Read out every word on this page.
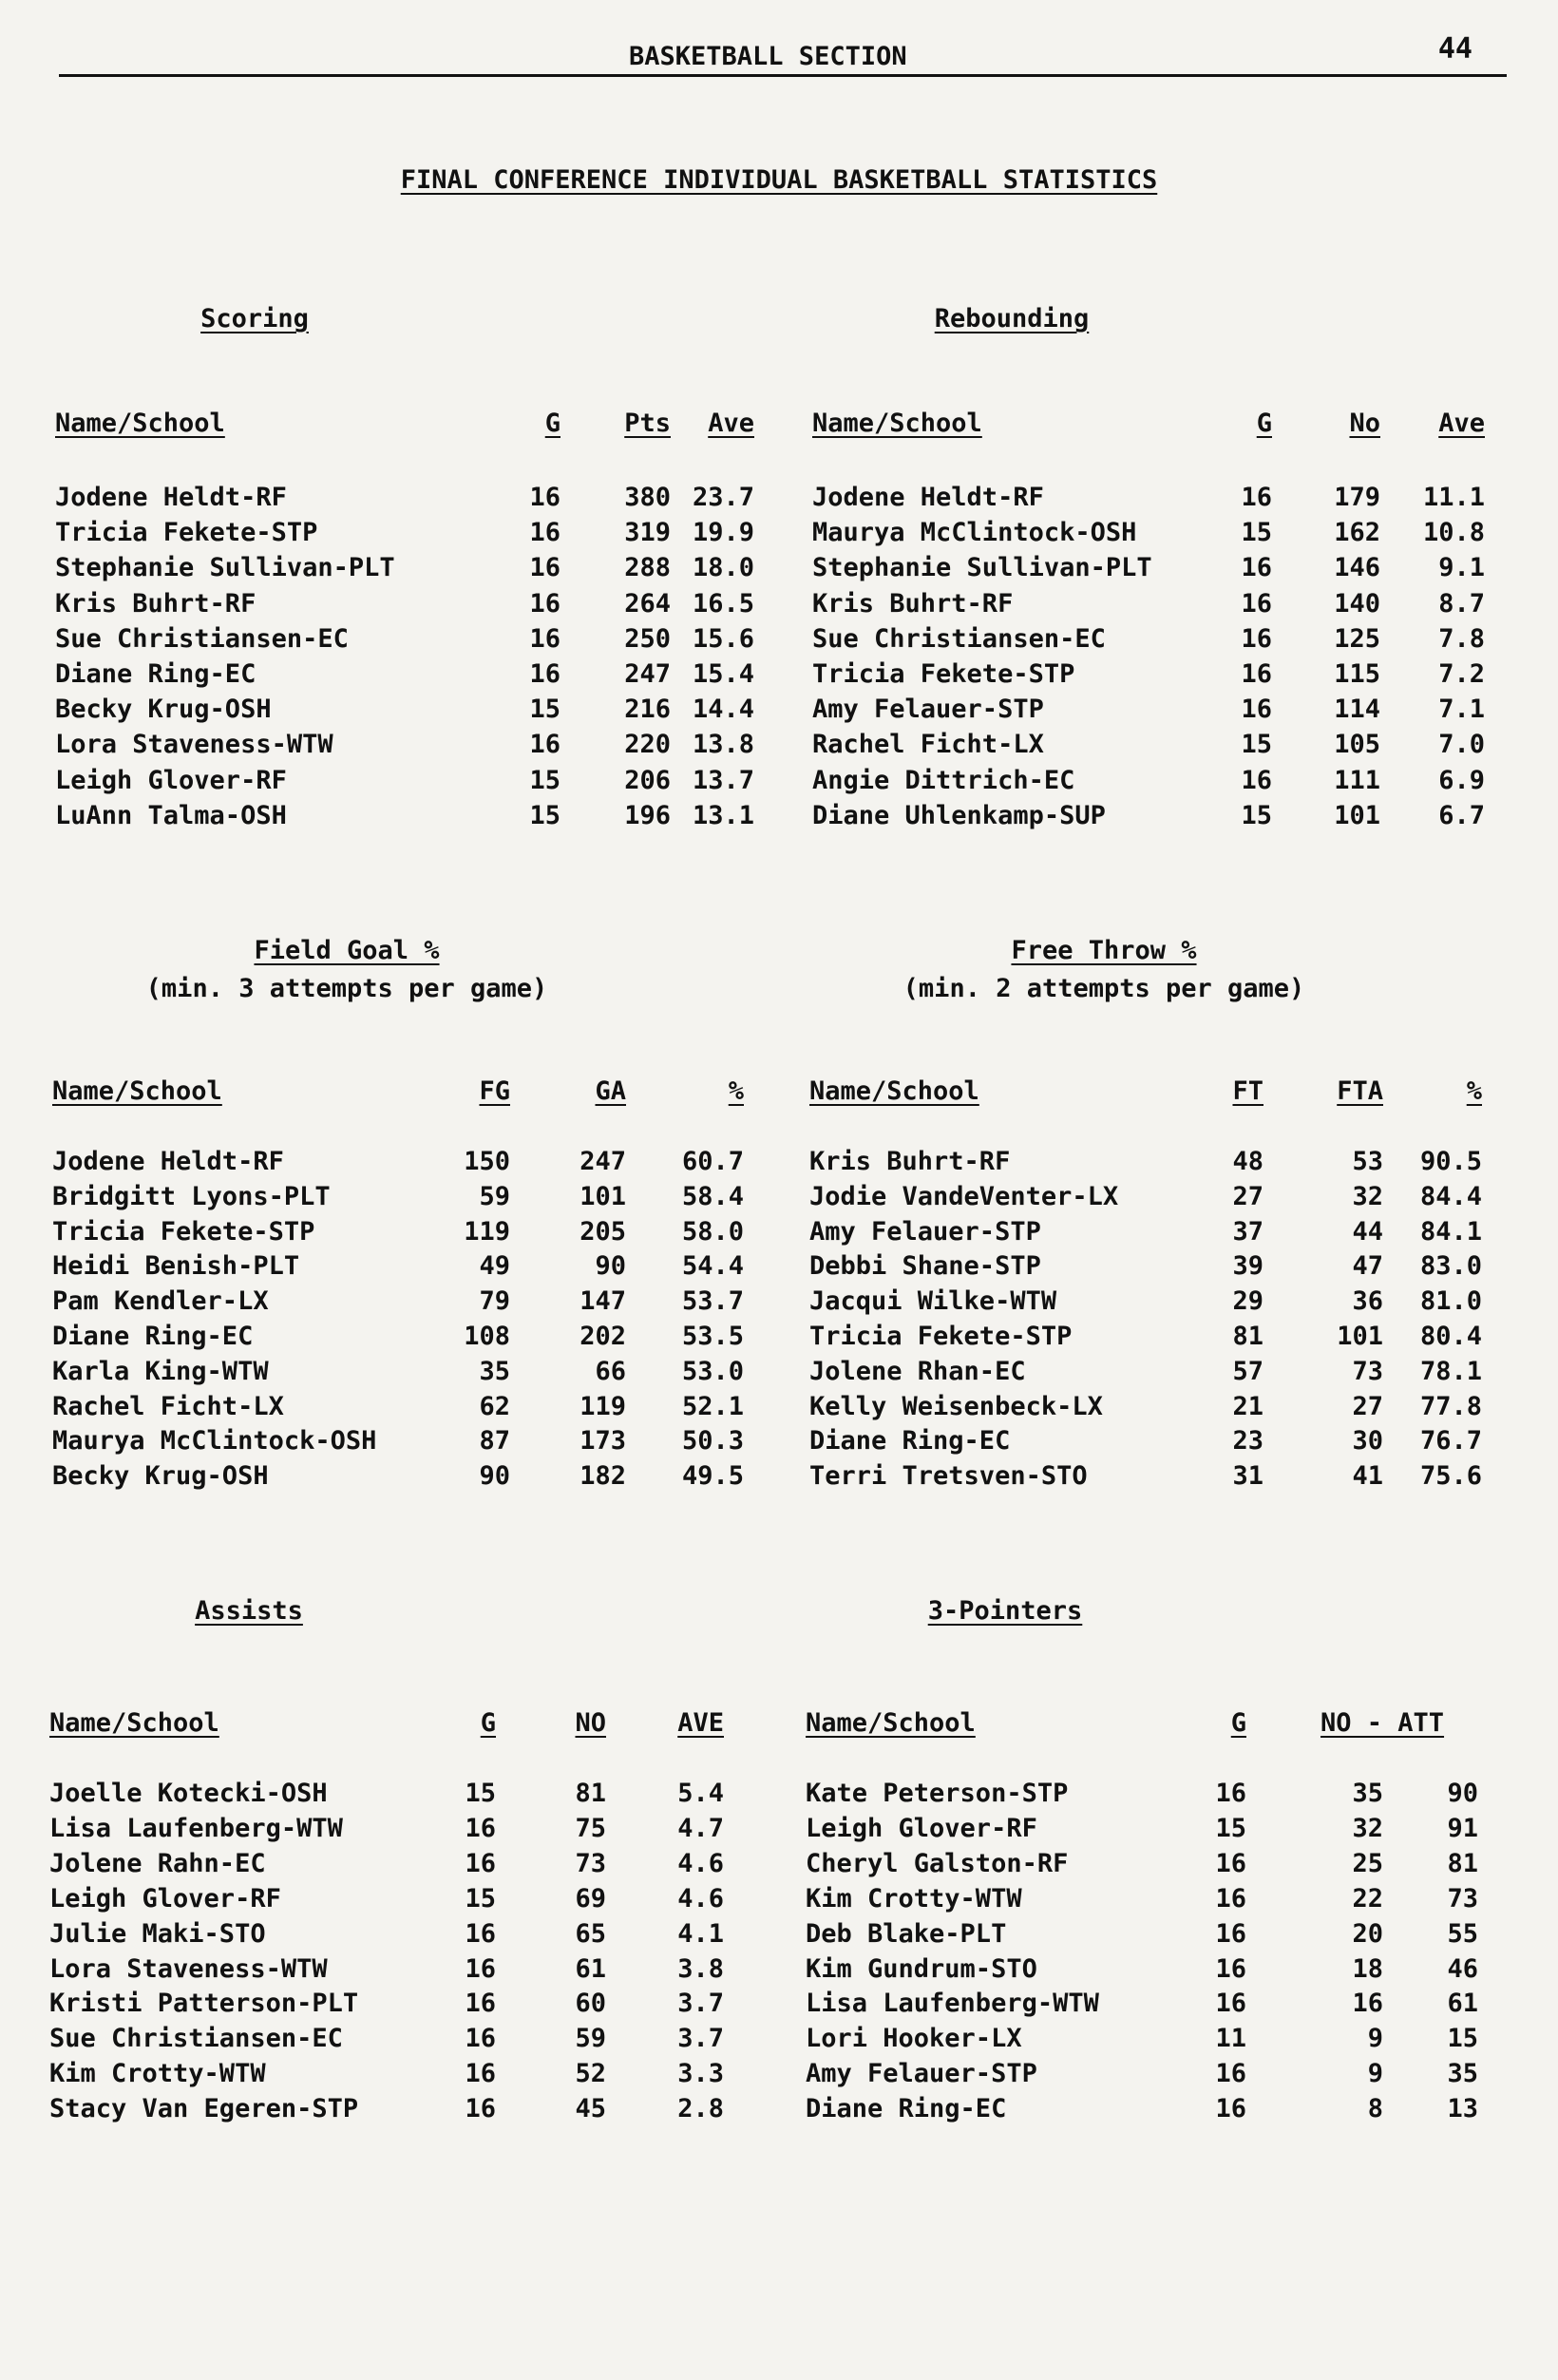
BASKETBALL SECTION	44
FINAL CONFERENCE INDIVIDUAL BASKETBALL STATISTICS
Scoring
Name/School	G Pts Ave
Jodene Heldt-RF	16 380 23.7
Tricia Fekete-STP	16 319 19.9
Stephanie Sullivan-PLT	16 288 18.0
Kris Buhrt-RF	16 264 16.5
Sue Christiansen-EC	16 250 15.6
Diane Ring-EC	16 247 15.4
Becky Krug-OSH	15 216 14.4
Lora Staveness-WTW	16 220 13.8
Leigh Glover-RF	15 206 13.7
LuAnn Talma-OSH	15 196 13.1
Rebounding
Name/School	G	No Ave
Jodene Heldt-RF	16 179 11.1
Maurya McClintock-OSH	15 162 10.8
Stephanie Sullivan-PLT	16 146 9.1
Kris Buhrt-RF	16 140 8.7
Sue Christiansen-EC	16 125 7.8
Tricia Fekete-STP	16 115 7.2
Amy Felauer-STP	16 114 7.1
Rachel Ficht-LX	15 105 7.0
Angie Dittrich-EC	16 111 6.9
Diane Uhlenkamp-SUP	15 101 6.7
Field Goal %
(min. 3 attempts per game)
Name/School	FG	GA	%
Jodene Heldt-RF	150	247 60.7
Bridgitt Lyons-PLT	59	101 58.4
Tricia Fekete-STP	119	205 58.0
Heidi Benish-PLT	49	90 54.4
Pam Kendler-LX	79	147 53.7
Diane Ring-EC	108	202 53.5
Karla King-WTW	35	66 53.0
Rachel Ficht-LX	62	119 52.1
Maurya McClintock-OSH	87	173 50.3
Becky Krug-OSH	90	182 49.5
Free Throw %
(min. 2 attempts per game)
Name/School	FT	FTA	%
Kris Buhrt-RF	48	53 90.5
Jodie VandeVenter-LX	27	32 84.4
Amy Felauer-STP	37	44 84.1
Debbi Shane-STP	39	47 83.0
Jacqui Wilke-WTW	29	36 81.0
Tricia Fekete-STP	81	101 80.4
Jolene Rhan-EC	57	73 78.1
Kelly Weisenbeck-LX	21	27 77.8
Diane Ring-EC	23	30 76.7
Terri Tretsven-STO	31	41 75.6
Assists
Name/School	G	NO	AVE
Joelle Kotecki-OSH	15	81	5.4
Lisa Laufenberg-WTW	16	75	4.7
Jolene Rahn-EC	16	73	4.6
Leigh Glover-RF	15	69	4.6
Julie Maki-STO	16	65	4.1
Lora Staveness-WTW	16	61	3.8
Kristi Patterson-PLT	16	60	3.7
Sue Christiansen-EC	16	59	3.7
Kim Crotty-WTW	16	52	3.3
Stacy Van Egeren-STP	16	45	2.8
3-Pointers
Name/School	G	NO - ATT
Kate Peterson-STP	16	35 90
Leigh Glover-RF	15	32 91
Cheryl Galston-RF	16	25 81
Kim Crotty-WTW	16	22 73
Deb Blake-PLT	16	20 55
Kim Gundrum-STO	16	18 46
Lisa Laufenberg-WTW	16	16 61
Lori Hooker-LX	11	9 15
Amy Felauer-STP	16	9 35
Diane Ring-EC	16	8 13
